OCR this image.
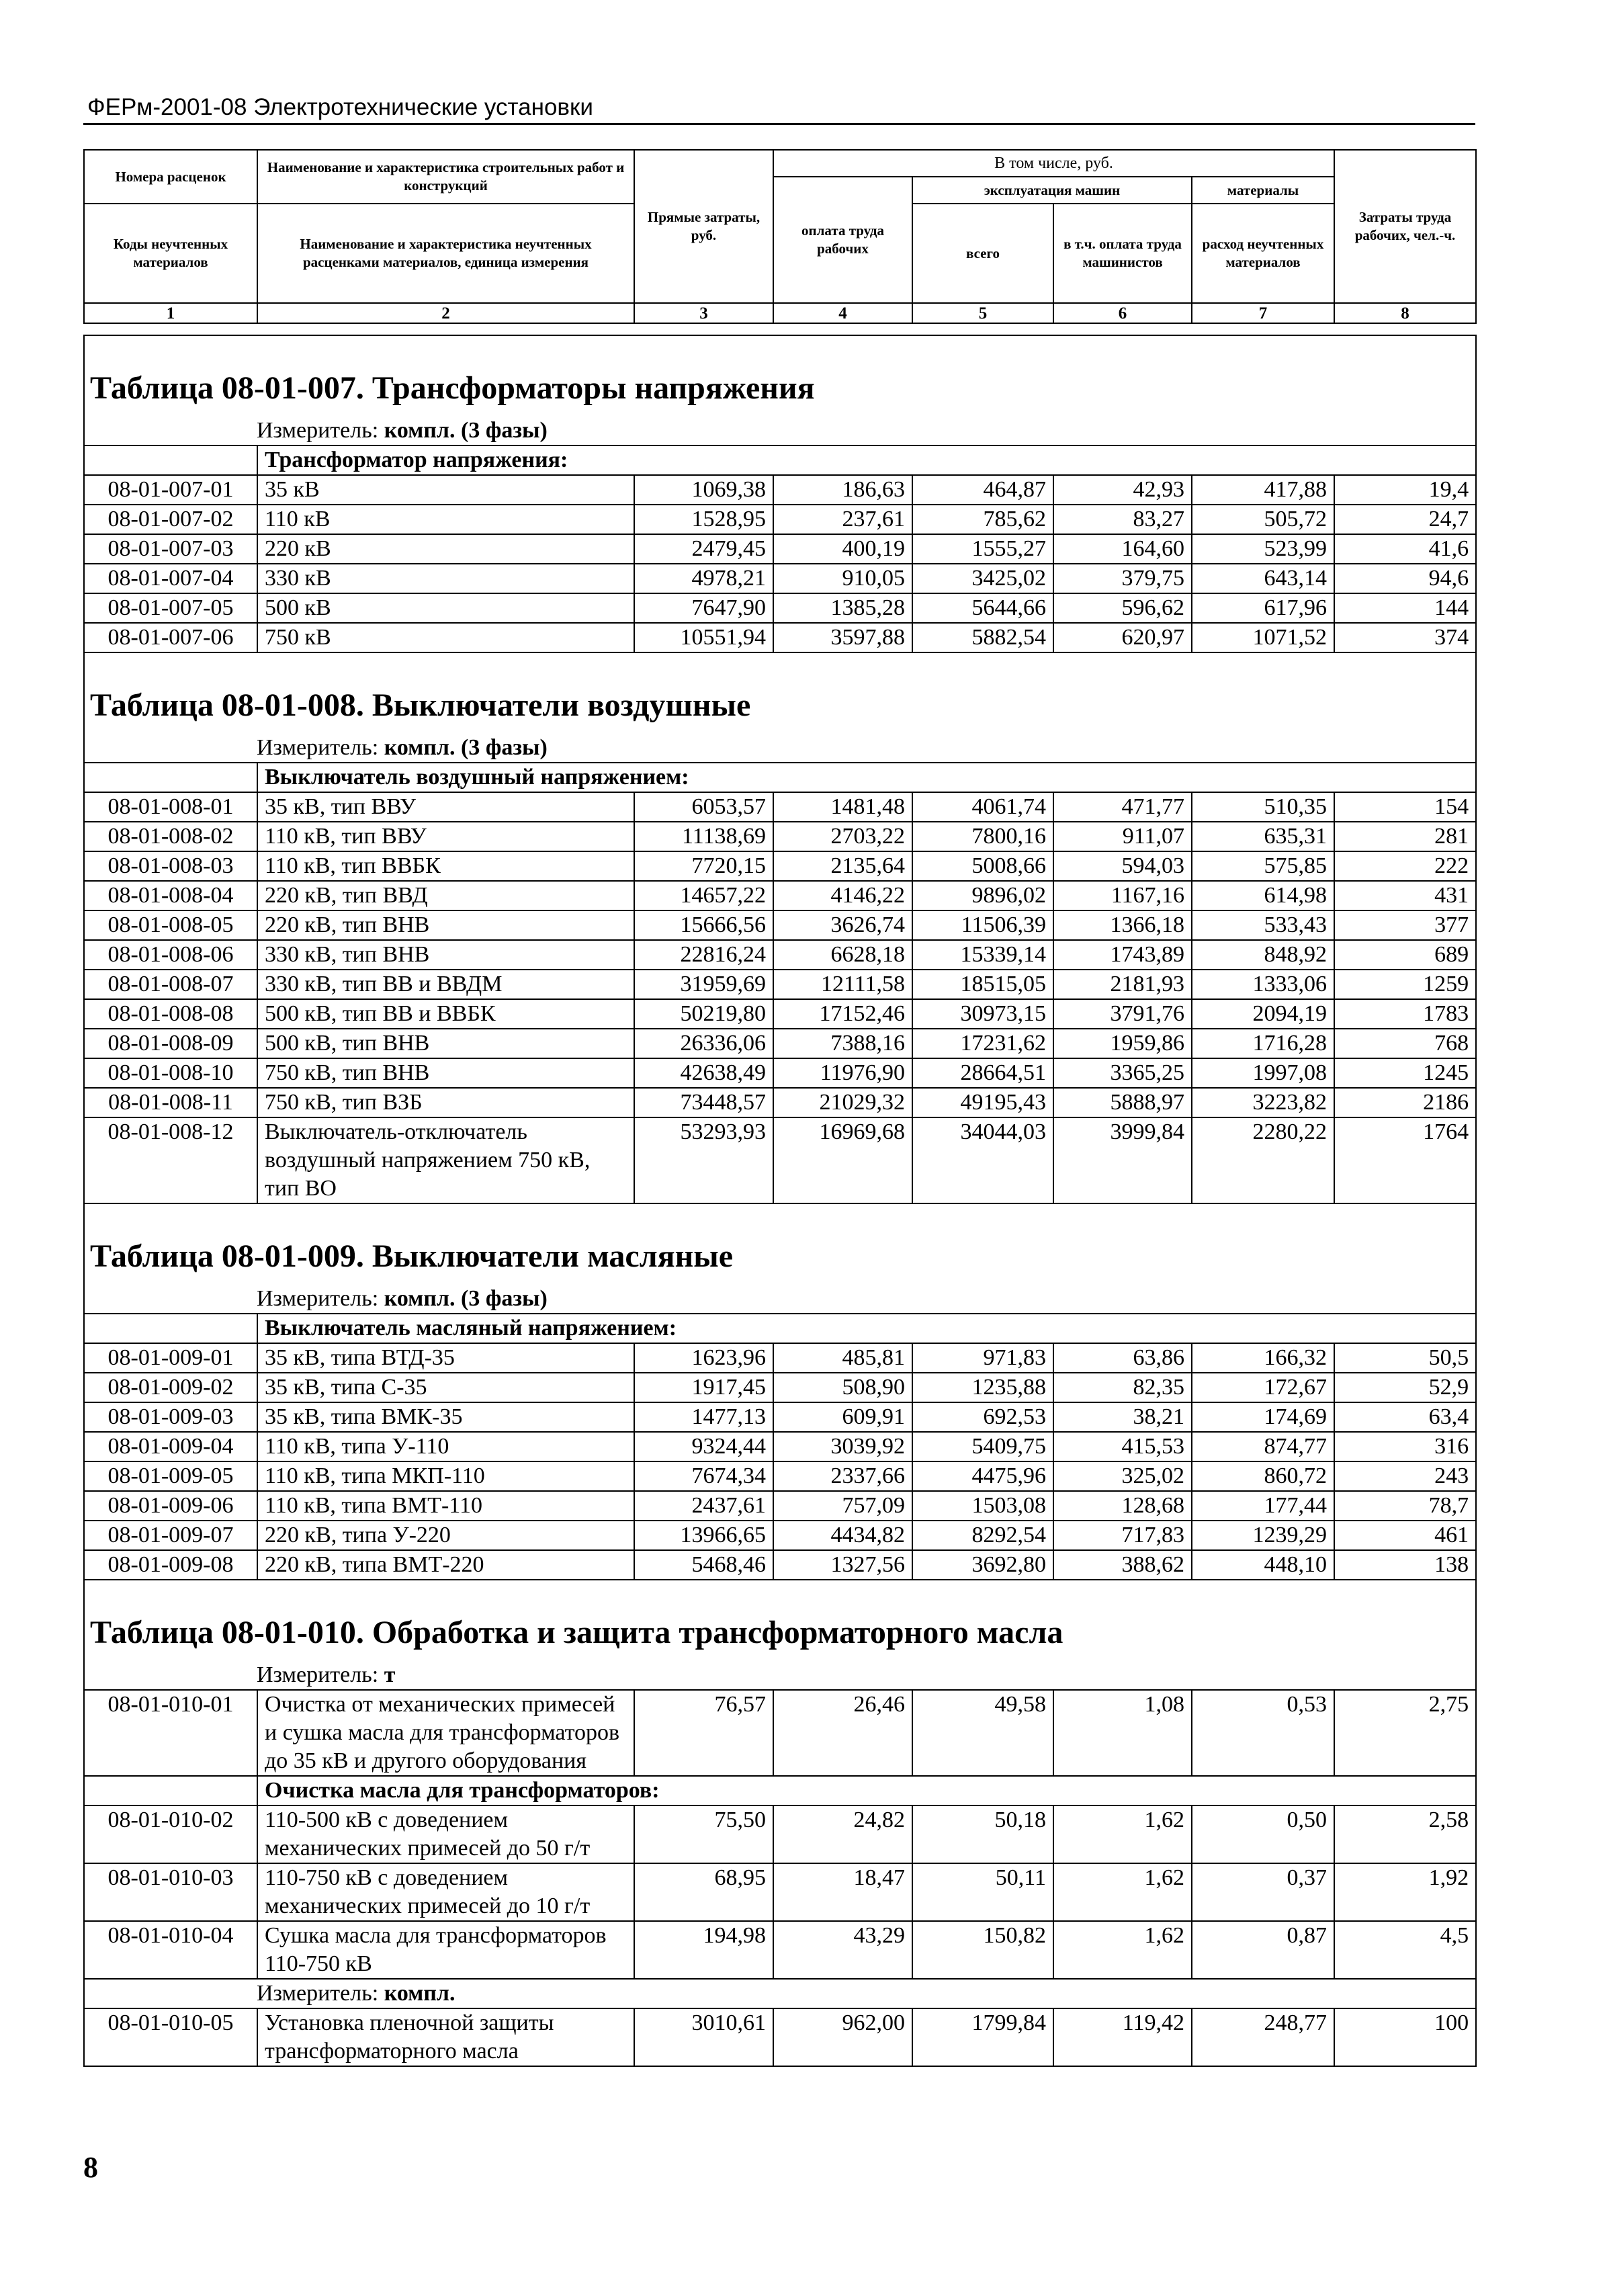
ФЕРм-2001-08 Электротехнические установки
Номера расценок	Наименование и характеристика строительных работ и конструкций	Прямые затраты, руб.	В том числе, руб.				Затраты труда рабочих, чел.-ч.
			оплата труда рабочих	эксплуатация машин		материалы	
Коды неучтенных материалов	Наименование и характеристика неучтенных расценками материалов, единица измерения			всего	в т.ч. оплата труда машинистов	расход неучтенных материалов	

1	2	3	4	5	6	7	8
Таблица 08-01-007. Трансформаторы напряжения							
Измеритель: компл. (3 фазы)							
	Трансформатор напряжения:						
08-01-007-01	35 кВ	1069,38	186,63	464,87	42,93	417,88	19,4
08-01-007-02	110 кВ	1528,95	237,61	785,62	83,27	505,72	24,7
08-01-007-03	220 кВ	2479,45	400,19	1555,27	164,60	523,99	41,6
08-01-007-04	330 кВ	4978,21	910,05	3425,02	379,75	643,14	94,6
08-01-007-05	500 кВ	7647,90	1385,28	5644,66	596,62	617,96	144
08-01-007-06	750 кВ	10551,94	3597,88	5882,54	620,97	1071,52	374
Таблица 08-01-008. Выключатели воздушные							
Измеритель: компл. (3 фазы)							
	Выключатель воздушный напряжением:						
08-01-008-01	35 кВ, тип ВВУ	6053,57	1481,48	4061,74	471,77	510,35	154
08-01-008-02	110 кВ, тип ВВУ	11138,69	2703,22	7800,16	911,07	635,31	281
08-01-008-03	110 кВ, тип ВВБК	7720,15	2135,64	5008,66	594,03	575,85	222
08-01-008-04	220 кВ, тип ВВД	14657,22	4146,22	9896,02	1167,16	614,98	431
08-01-008-05	220 кВ, тип ВНВ	15666,56	3626,74	11506,39	1366,18	533,43	377
08-01-008-06	330 кВ, тип ВНВ	22816,24	6628,18	15339,14	1743,89	848,92	689
08-01-008-07	330 кВ, тип ВВ и ВВДМ	31959,69	12111,58	18515,05	2181,93	1333,06	1259
08-01-008-08	500 кВ, тип ВВ и ВВБК	50219,80	17152,46	30973,15	3791,76	2094,19	1783
08-01-008-09	500 кВ, тип ВНВ	26336,06	7388,16	17231,62	1959,86	1716,28	768
08-01-008-10	750 кВ, тип ВНВ	42638,49	11976,90	28664,51	3365,25	1997,08	1245
08-01-008-11	750 кВ, тип ВЗБ	73448,57	21029,32	49195,43	5888,97	3223,82	2186
08-01-008-12	Выключатель-отключатель воздушный напряжением 750 кВ, тип ВО	53293,93	16969,68	34044,03	3999,84	2280,22	1764
Таблица 08-01-009. Выключатели масляные							
Измеритель: компл. (3 фазы)							
	Выключатель масляный напряжением:						
08-01-009-01	35 кВ, типа ВТД-35	1623,96	485,81	971,83	63,86	166,32	50,5
08-01-009-02	35 кВ, типа С-35	1917,45	508,90	1235,88	82,35	172,67	52,9
08-01-009-03	35 кВ, типа ВМК-35	1477,13	609,91	692,53	38,21	174,69	63,4
08-01-009-04	110 кВ, типа У-110	9324,44	3039,92	5409,75	415,53	874,77	316
08-01-009-05	110 кВ, типа МКП-110	7674,34	2337,66	4475,96	325,02	860,72	243
08-01-009-06	110 кВ, типа ВМТ-110	2437,61	757,09	1503,08	128,68	177,44	78,7
08-01-009-07	220 кВ, типа У-220	13966,65	4434,82	8292,54	717,83	1239,29	461
08-01-009-08	220 кВ, типа ВМТ-220	5468,46	1327,56	3692,80	388,62	448,10	138
Таблица 08-01-010. Обработка и защита трансформаторного масла							
Измеритель: т							
08-01-010-01	Очистка от механических примесей и сушка масла для трансформаторов до 35 кВ и другого оборудования	76,57	26,46	49,58	1,08	0,53	2,75
	Очистка масла для трансформаторов:						
08-01-010-02	110-500 кВ с доведением механических примесей до 50 г/т	75,50	24,82	50,18	1,62	0,50	2,58
08-01-010-03	110-750 кВ с доведением механических примесей до 10 г/т	68,95	18,47	50,11	1,62	0,37	1,92
08-01-010-04	Сушка масла для трансформаторов 110-750 кВ	194,98	43,29	150,82	1,62	0,87	4,5
Измеритель: компл.							
08-01-010-05	Установка пленочной защиты трансформаторного масла	3010,61	962,00	1799,84	119,42	248,77	100
8
